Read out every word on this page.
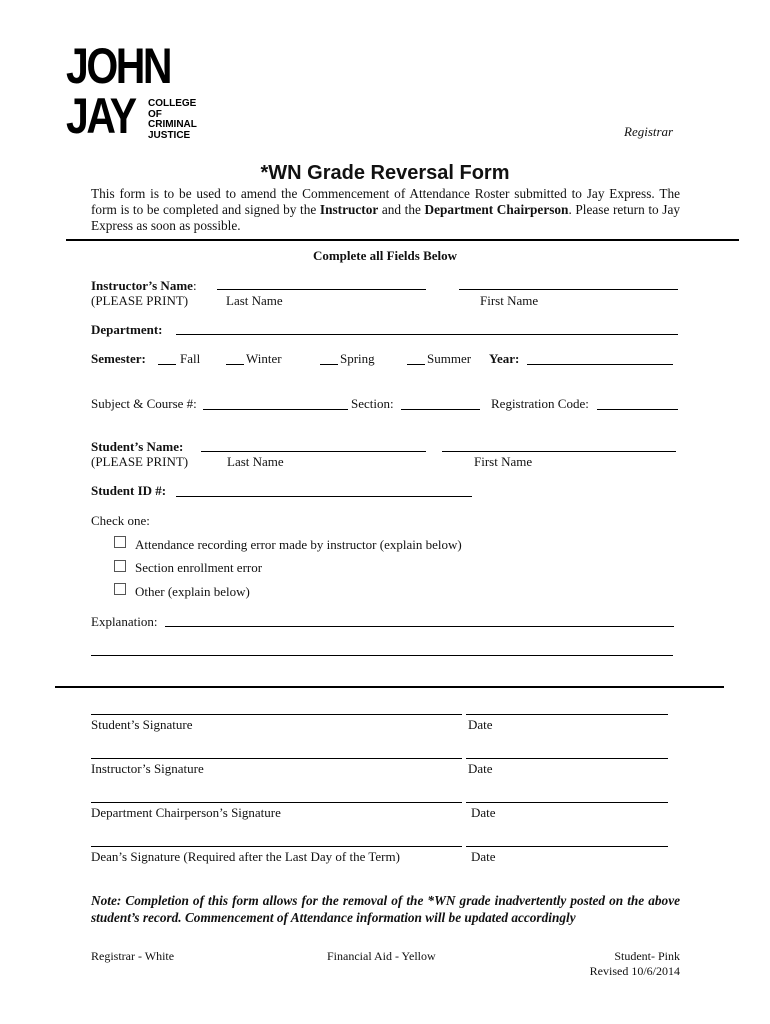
JOHN
JAY COLLEGE
OF
CRIMINAL
JUSTICE	Registrar
*WN Grade Reversal Form
This form is to be used to amend the Commencement of Attendance Roster submitted to Jay Express. The form is to be completed and signed by the Instructor and the Department Chairperson. Please return to Jay Express as soon as possible.
Complete all Fields Below
Instructor’s Name:
(PLEASE PRINT)	Last Name	First Name
Department:
Semester:	Fall	Winter	Spring	Summer Year:
Subject & Course #:	Section:	Registration Code:
Student’s Name:
(PLEASE PRINT)	Last Name	First Name
Student ID #:
Check one:
Attendance recording error made by instructor (explain below)
Section enrollment error
Other (explain below)
Explanation:
Student’s Signature	Date
Instructor’s Signature	Date
Department Chairperson’s Signature	Date
Dean’s Signature (Required after the Last Day of the Term)	Date
Note: Completion of this form allows for the removal of the *WN grade inadvertently posted on the above student’s record. Commencement of Attendance information will be updated accordingly
Registrar - White	Financial Aid - Yellow	Student- Pink
Revised 10/6/2014
